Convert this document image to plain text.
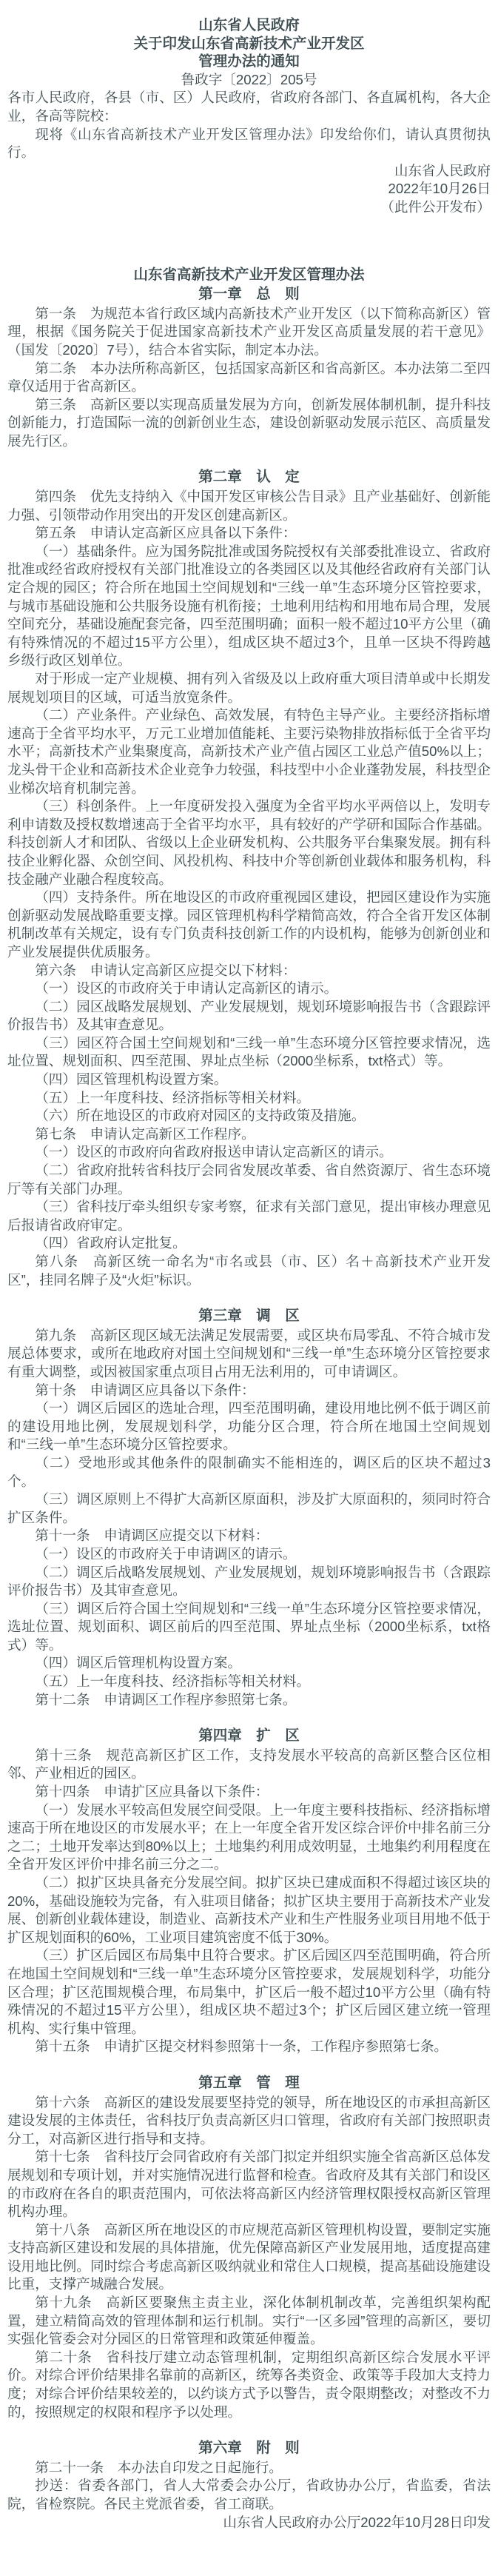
山东省人民政府
关于印发山东省高新技术产业开发区
管理办法的通知
鲁政字〔2022〕205号
各市人民政府，各县（市、区）人民政府，省政府各部门、各直属机构，各大企业，各高等院校：
现将《山东省高新技术产业开发区管理办法》印发给你们，请认真贯彻执行。
山东省人民政府
2022年10月26日
（此件公开发布）
山东省高新技术产业开发区管理办法
第一章　总　则
第一条　为规范本省行政区域内高新技术产业开发区（以下简称高新区）管理，根据《国务院关于促进国家高新技术产业开发区高质量发展的若干意见》（国发〔2020〕7号），结合本省实际，制定本办法。
第二条　本办法所称高新区，包括国家高新区和省高新区。本办法第二至四章仅适用于省高新区。
第三条　高新区要以实现高质量发展为方向，创新发展体制机制，提升科技创新能力，打造国际一流的创新创业生态，建设创新驱动发展示范区、高质量发展先行区。
第二章　认　定
第四条　优先支持纳入《中国开发区审核公告目录》且产业基础好、创新能力强、引领带动作用突出的开发区创建高新区。
第五条　申请认定高新区应具备以下条件：
（一）基础条件。应为国务院批准或国务院授权有关部委批准设立、省政府批准或经省政府授权有关部门批准设立的各类园区以及其他经省政府有关部门认定合规的园区；符合所在地国土空间规划和“三线一单”生态环境分区管控要求，与城市基础设施和公共服务设施有机衔接；土地利用结构和用地布局合理，发展空间充分，基础设施配套完备，四至范围明确；面积一般不超过10平方公里（确有特殊情况的不超过15平方公里），组成区块不超过3个，且单一区块不得跨越乡级行政区划单位。
对于形成一定产业规模、拥有列入省级及以上政府重大项目清单或中长期发展规划项目的区域，可适当放宽条件。
（二）产业条件。产业绿色、高效发展，有特色主导产业。主要经济指标增速高于全省平均水平，万元工业增加值能耗、主要污染物排放指标低于全省平均水平；高新技术产业集聚度高，高新技术产业产值占园区工业总产值50%以上；龙头骨干企业和高新技术企业竞争力较强，科技型中小企业蓬勃发展，科技型企业梯次培育机制完善。
（三）科创条件。上一年度研发投入强度为全省平均水平两倍以上，发明专利申请数及授权数增速高于全省平均水平，具有较好的产学研和国际合作基础。科技创新人才和团队、省级以上企业研发机构、公共服务平台集聚发展。拥有科技企业孵化器、众创空间、风投机构、科技中介等创新创业载体和服务机构，科技金融产业融合程度较高。
（四）支持条件。所在地设区的市政府重视园区建设，把园区建设作为实施创新驱动发展战略重要支撑。园区管理机构科学精简高效，符合全省开发区体制机制改革有关规定，设有专门负责科技创新工作的内设机构，能够为创新创业和产业发展提供优质服务。
第六条　申请认定高新区应提交以下材料：
（一）设区的市政府关于申请认定高新区的请示。
（二）园区战略发展规划、产业发展规划，规划环境影响报告书（含跟踪评价报告书）及其审查意见。
（三）园区符合国土空间规划和“三线一单”生态环境分区管控要求情况，选址位置、规划面积、四至范围、界址点坐标（2000坐标系，txt格式）等。
（四）园区管理机构设置方案。
（五）上一年度科技、经济指标等相关材料。
（六）所在地设区的市政府对园区的支持政策及措施。
第七条　申请认定高新区工作程序。
（一）设区的市政府向省政府报送申请认定高新区的请示。
（二）省政府批转省科技厅会同省发展改革委、省自然资源厅、省生态环境厅等有关部门办理。
（三）省科技厅牵头组织专家考察，征求有关部门意见，提出审核办理意见后报请省政府审定。
（四）省政府认定批复。
第八条　高新区统一命名为“市名或县（市、区）名＋高新技术产业开发区”，挂同名牌子及“火炬”标识。
第三章　调　区
第九条　高新区现区域无法满足发展需要，或区块布局零乱、不符合城市发展总体要求，或所在地政府对国土空间规划和“三线一单”生态环境分区管控要求有重大调整，或因被国家重点项目占用无法利用的，可申请调区。
第十条　申请调区应具备以下条件：
（一）调区后园区的选址合理，四至范围明确，建设用地比例不低于调区前的建设用地比例，发展规划科学，功能分区合理，符合所在地国土空间规划和“三线一单”生态环境分区管控要求。
（二）受地形或其他条件的限制确实不能相连的，调区后的区块不超过3个。
（三）调区原则上不得扩大高新区原面积，涉及扩大原面积的，须同时符合扩区条件。
第十一条　申请调区应提交以下材料：
（一）设区的市政府关于申请调区的请示。
（二）调区后战略发展规划、产业发展规划，规划环境影响报告书（含跟踪评价报告书）及其审查意见。
（三）调区后符合国土空间规划和“三线一单”生态环境分区管控要求情况，选址位置、规划面积、调区前后的四至范围、界址点坐标（2000坐标系，txt格式）等。
（四）调区后管理机构设置方案。
（五）上一年度科技、经济指标等相关材料。
第十二条　申请调区工作程序参照第七条。
第四章　扩　区
第十三条　规范高新区扩区工作，支持发展水平较高的高新区整合区位相邻、产业相近的园区。
第十四条　申请扩区应具备以下条件：
（一）发展水平较高但发展空间受限。上一年度主要科技指标、经济指标增速高于所在地设区的市发展水平；在上一年度全省开发区综合评价中排名前三分之二；土地开发率达到80%以上；土地集约利用成效明显，土地集约利用程度在全省开发区评价中排名前三分之二。
（二）拟扩区块具备充分发展空间。拟扩区块已建成面积不得超过该区块的20%，基础设施较为完备，有入驻项目储备；拟扩区块主要用于高新技术产业发展、创新创业载体建设，制造业、高新技术产业和生产性服务业项目用地不低于扩区规划面积的60%，工业项目建筑密度不低于30%。
（三）扩区后园区布局集中且符合要求。扩区后园区四至范围明确，符合所在地国土空间规划和“三线一单”生态环境分区管控要求，发展规划科学，功能分区合理；扩区范围规模合理，布局集中，扩区后一般不超过10平方公里（确有特殊情况的不超过15平方公里），组成区块不超过3个；扩区后园区建立统一管理机构、实行集中管理。
第十五条　申请扩区提交材料参照第十一条，工作程序参照第七条。
第五章　管　理
第十六条　高新区的建设发展要坚持党的领导，所在地设区的市承担高新区建设发展的主体责任，省科技厅负责高新区归口管理，省政府有关部门按照职责分工，对高新区进行指导和支持。
第十七条　省科技厅会同省政府有关部门拟定并组织实施全省高新区总体发展规划和专项计划，并对实施情况进行监督和检查。省政府及其有关部门和设区的市政府在各自的职责范围内，可依法将高新区内经济管理权限授权高新区管理机构办理。
第十八条　高新区所在地设区的市应规范高新区管理机构设置，要制定实施支持高新区建设和发展的具体措施，优先保障高新区产业发展用地，适度提高建设用地比例。同时综合考虑高新区吸纳就业和常住人口规模，提高基础设施建设比重，支撑产城融合发展。
第十九条　高新区要聚焦主责主业，深化体制机制改革，完善组织架构配置，建立精简高效的管理体制和运行机制。实行“一区多园”管理的高新区，要切实强化管委会对分园区的日常管理和政策延伸覆盖。
第二十条　省科技厅建立动态管理机制，定期组织高新区综合发展水平评价。对综合评价结果排名靠前的高新区，统筹各类资金、政策等手段加大支持力度；对综合评价结果较差的，以约谈方式予以警告，责令限期整改；对整改不力的，按照规定的权限和程序予以处理。
第六章　附　则
第二十一条　本办法自印发之日起施行。
抄送：省委各部门，省人大常委会办公厅，省政协办公厅，省监委，省法院，省检察院。各民主党派省委，省工商联。
山东省人民政府办公厅2022年10月28日印发
